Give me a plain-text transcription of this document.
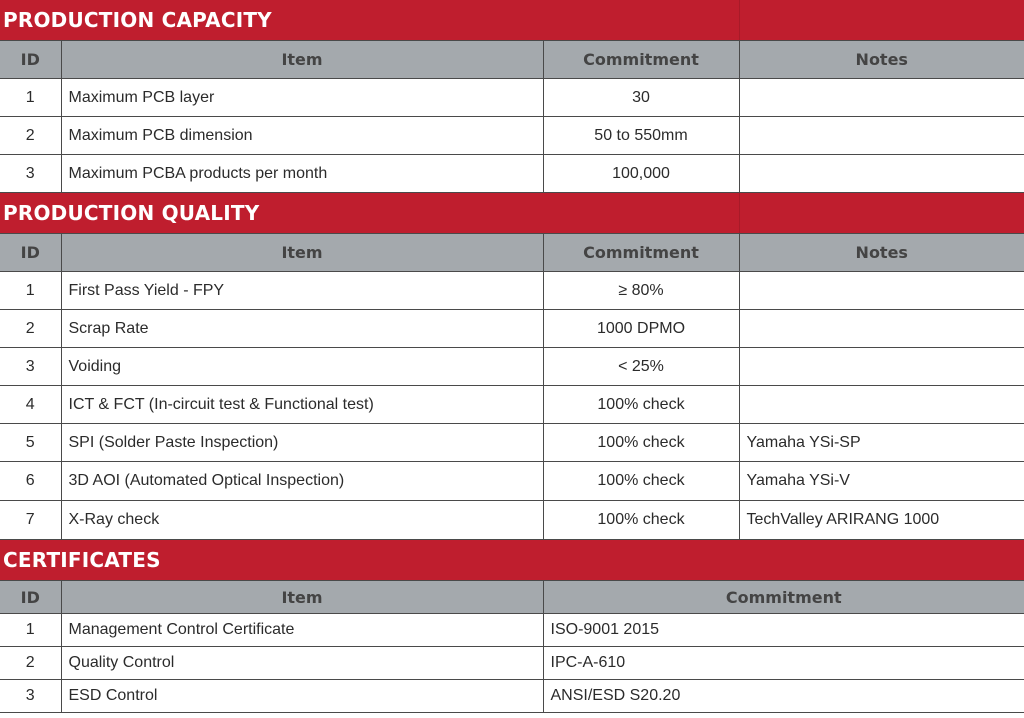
PRODUCTION CAPACITY
ID	Item	Commitment	Notes
1	Maximum PCB layer	30	
2	Maximum PCB dimension	50 to 550mm	
3	Maximum PCBA products per month	100,000	
PRODUCTION QUALITY
ID	Item	Commitment	Notes
1	First Pass Yield - FPY	≥ 80%	
2	Scrap Rate	1000 DPMO	
3	Voiding	< 25%	
4	ICT & FCT (In-circuit test & Functional test)	100% check	
5	SPI (Solder Paste Inspection)	100% check	Yamaha YSi-SP
6	3D AOI (Automated Optical Inspection)	100% check	Yamaha YSi-V
7	X-Ray check	100% check	TechValley ARIRANG 1000
CERTIFICATES
ID	Item	Commitment
1	Management Control Certificate	ISO-9001 2015
2	Quality Control	IPC-A-610
3	ESD Control	ANSI/ESD S20.20
